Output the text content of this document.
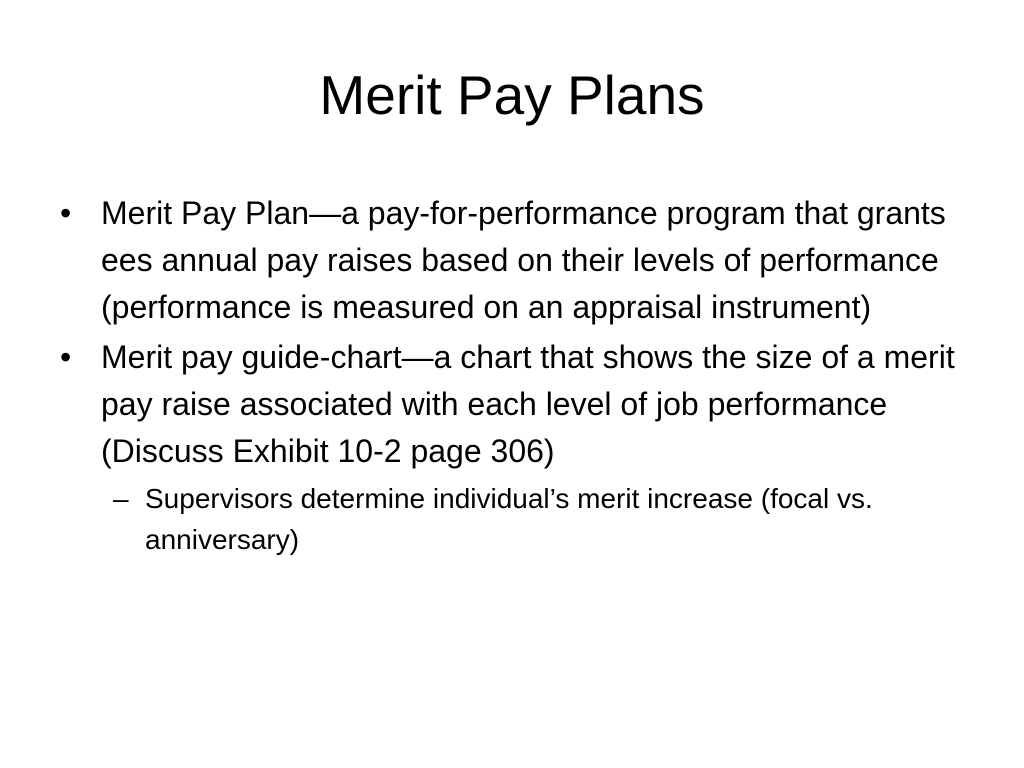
Merit Pay Plans
• Merit Pay Plan—a pay-for-performance program that grants ees annual pay raises based on their levels of performance (performance is measured on an appraisal instrument)
• Merit pay guide-chart—a chart that shows the size of a merit pay raise associated with each level of job performance (Discuss Exhibit 10-2 page 306)
– Supervisors determine individual’s merit increase (focal vs. anniversary)
